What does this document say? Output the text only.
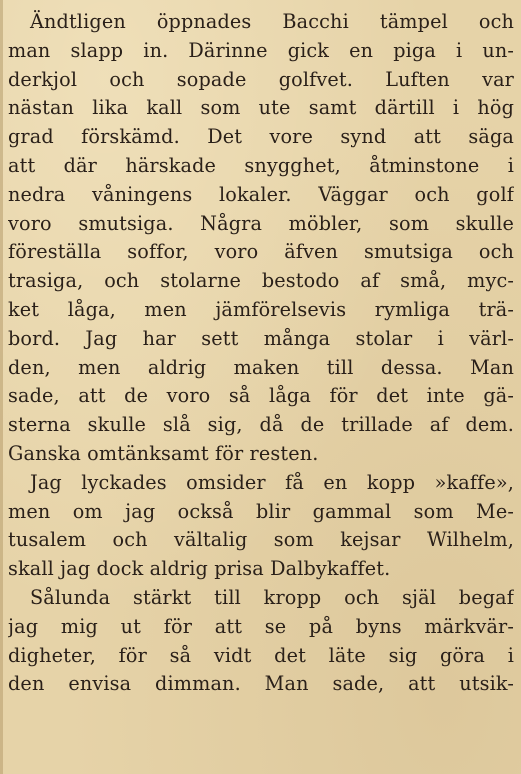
Ändtligen öppnades Bacchi tämpel och
man slapp in. Därinne gick en piga i un-
derkjol och sopade golfvet. Luften var
nästan lika kall som ute samt därtill i hög
grad förskämd. Det vore synd att säga
att där härskade snygghet, åtminstone i
nedra våningens lokaler. Väggar och golf
voro smutsiga. Några möbler, som skulle
föreställa soffor, voro äfven smutsiga och
trasiga, och stolarne bestodo af små, myc-
ket låga, men jämförelsevis rymliga trä-
bord. Jag har sett många stolar i värl-
den, men aldrig maken till dessa. Man
sade, att de voro så låga för det inte gä-
sterna skulle slå sig, då de trillade af dem.
Ganska omtänksamt för resten.
Jag lyckades omsider få en kopp »kaffe»,
men om jag också blir gammal som Me-
tusalem och vältalig som kejsar Wilhelm,
skall jag dock aldrig prisa Dalbykaffet.
Sålunda stärkt till kropp och själ begaf
jag mig ut för att se på byns märkvär-
digheter, för så vidt det läte sig göra i
den envisa dimman. Man sade, att utsik-
